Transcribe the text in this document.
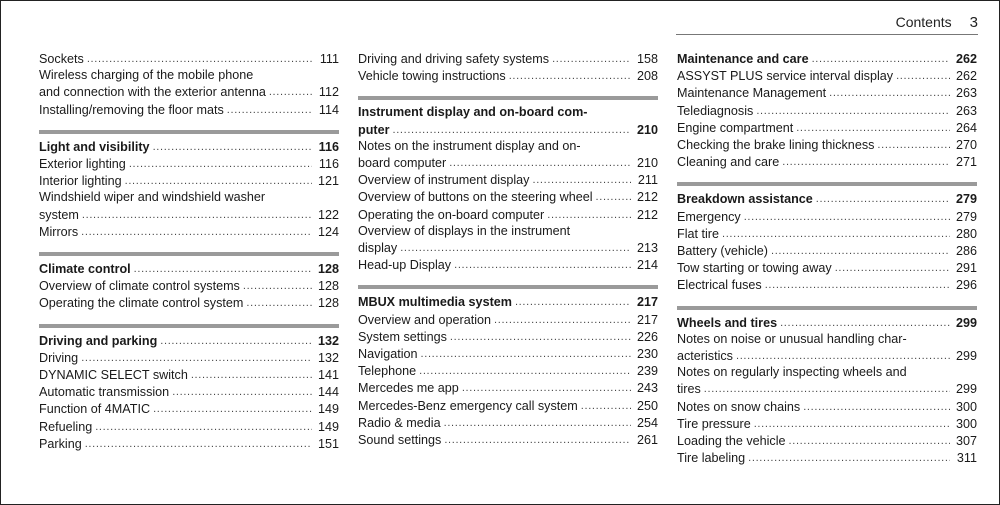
Contents 3
Sockets . . .	111
Wireless charging of the mobile phone
and connection with the exterior antenna . . .	112
Installing/removing the floor mats . . .	114
Light and visibility . . .	116
Exterior lighting . . .	116
Interior lighting . . .	121
Windshield wiper and windshield washer
system . . .	122
Mirrors . . .	124
Climate control . . .	128
Overview of climate control systems . . .	128
Operating the climate control system . . .	128
Driving and parking . . .	132
Driving . . .	132
DYNAMIC SELECT switch . . .	141
Automatic transmission . . .	144
Function of 4MATIC . . .	149
Refueling . . .	149
Parking . . .	151
Driving and driving safety systems . . .	158
Vehicle towing instructions . . .	208
Instrument display and on-board com-
puter . . .	210
Notes on the instrument display and on-
board computer . . .	210
Overview of instrument display . . .	211
Overview of buttons on the steering wheel . . .	212
Operating the on-board computer . . .	212
Overview of displays in the instrument
display . . .	213
Head-up Display . . .	214
MBUX multimedia system . . .	217
Overview and operation . . .	217
System settings . . .	226
Navigation . . .	230
Telephone . . .	239
Mercedes me app . . .	243
Mercedes-Benz emergency call system . . .	250
Radio & media . . .	254
Sound settings . . .	261
Maintenance and care . . .	262
ASSYST PLUS service interval display . . .	262
Maintenance Management . . .	263
Telediagnosis . . .	263
Engine compartment . . .	264
Checking the brake lining thickness . . .	270
Cleaning and care . . .	271
Breakdown assistance . . .	279
Emergency . . .	279
Flat tire . . .	280
Battery (vehicle) . . .	286
Tow starting or towing away . . .	291
Electrical fuses . . .	296
Wheels and tires . . .	299
Notes on noise or unusual handling char-
acteristics . . .	299
Notes on regularly inspecting wheels and
tires . . .	299
Notes on snow chains . . .	300
Tire pressure . . .	300
Loading the vehicle . . .	307
Tire labeling . . .	311
